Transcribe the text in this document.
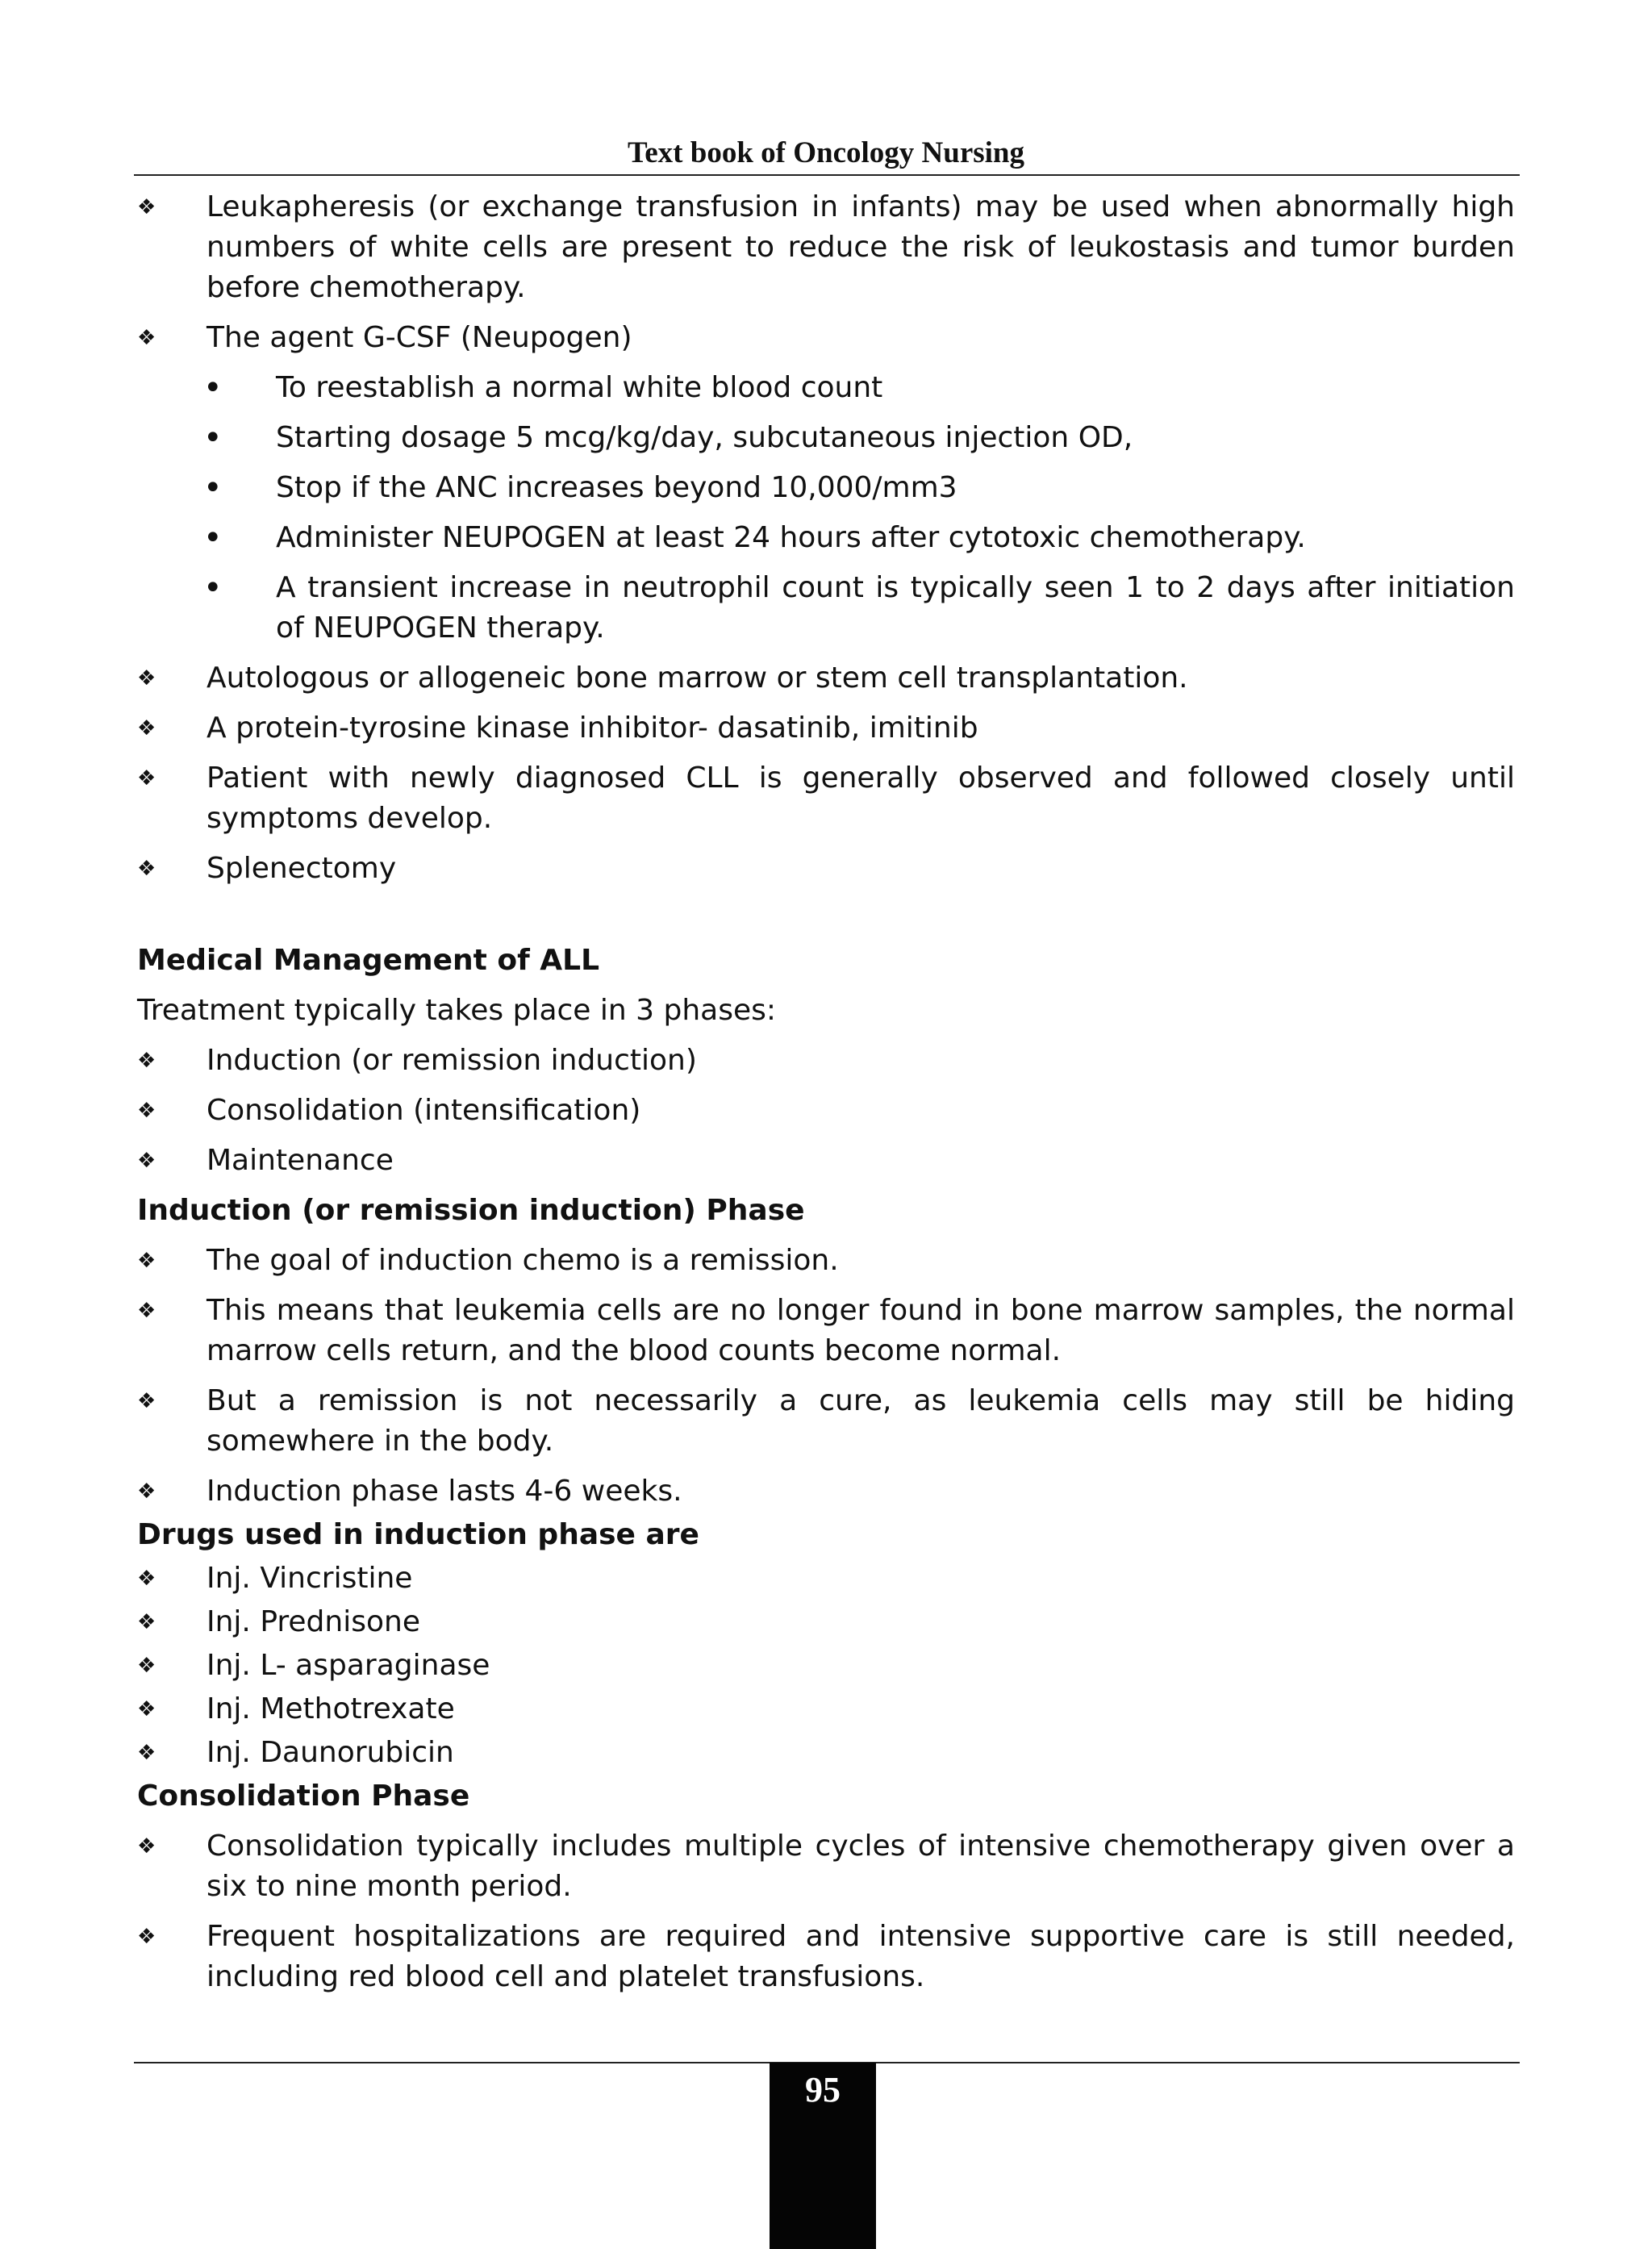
Text book of Oncology Nursing
❖ Leukapheresis (or exchange transfusion in infants) may be used when abnormally high numbers of white cells are present to reduce the risk of leukostasis and tumor burden before chemotherapy.
❖ The agent G-CSF (Neupogen)
• To reestablish a normal white blood count
• Starting dosage 5 mcg/kg/day, subcutaneous injection OD,
• Stop if the ANC increases beyond 10,000/mm3
• Administer NEUPOGEN at least 24 hours after cytotoxic chemotherapy.
• A transient increase in neutrophil count is typically seen 1 to 2 days after initiation of NEUPOGEN therapy.
❖ Autologous or allogeneic bone marrow or stem cell transplantation.
❖ A protein-tyrosine kinase inhibitor- dasatinib, imitinib
❖ Patient with newly diagnosed CLL is generally observed and followed closely until symptoms develop.
❖ Splenectomy
Medical Management of ALL
Treatment typically takes place in 3 phases:
❖ Induction (or remission induction)
❖ Consolidation (intensification)
❖ Maintenance
Induction (or remission induction) Phase
❖ The goal of induction chemo is a remission.
❖ This means that leukemia cells are no longer found in bone marrow samples, the normal marrow cells return, and the blood counts become normal.
❖ But a remission is not necessarily a cure, as leukemia cells may still be hiding somewhere in the body.
❖ Induction phase lasts 4-6 weeks.
Drugs used in induction phase are
❖ Inj. Vincristine
❖ Inj. Prednisone
❖ Inj. L- asparaginase
❖ Inj. Methotrexate
❖ Inj. Daunorubicin
Consolidation Phase
❖ Consolidation typically includes multiple cycles of intensive chemotherapy given over a six to nine month period.
❖ Frequent hospitalizations are required and intensive supportive care is still needed, including red blood cell and platelet transfusions.
95
